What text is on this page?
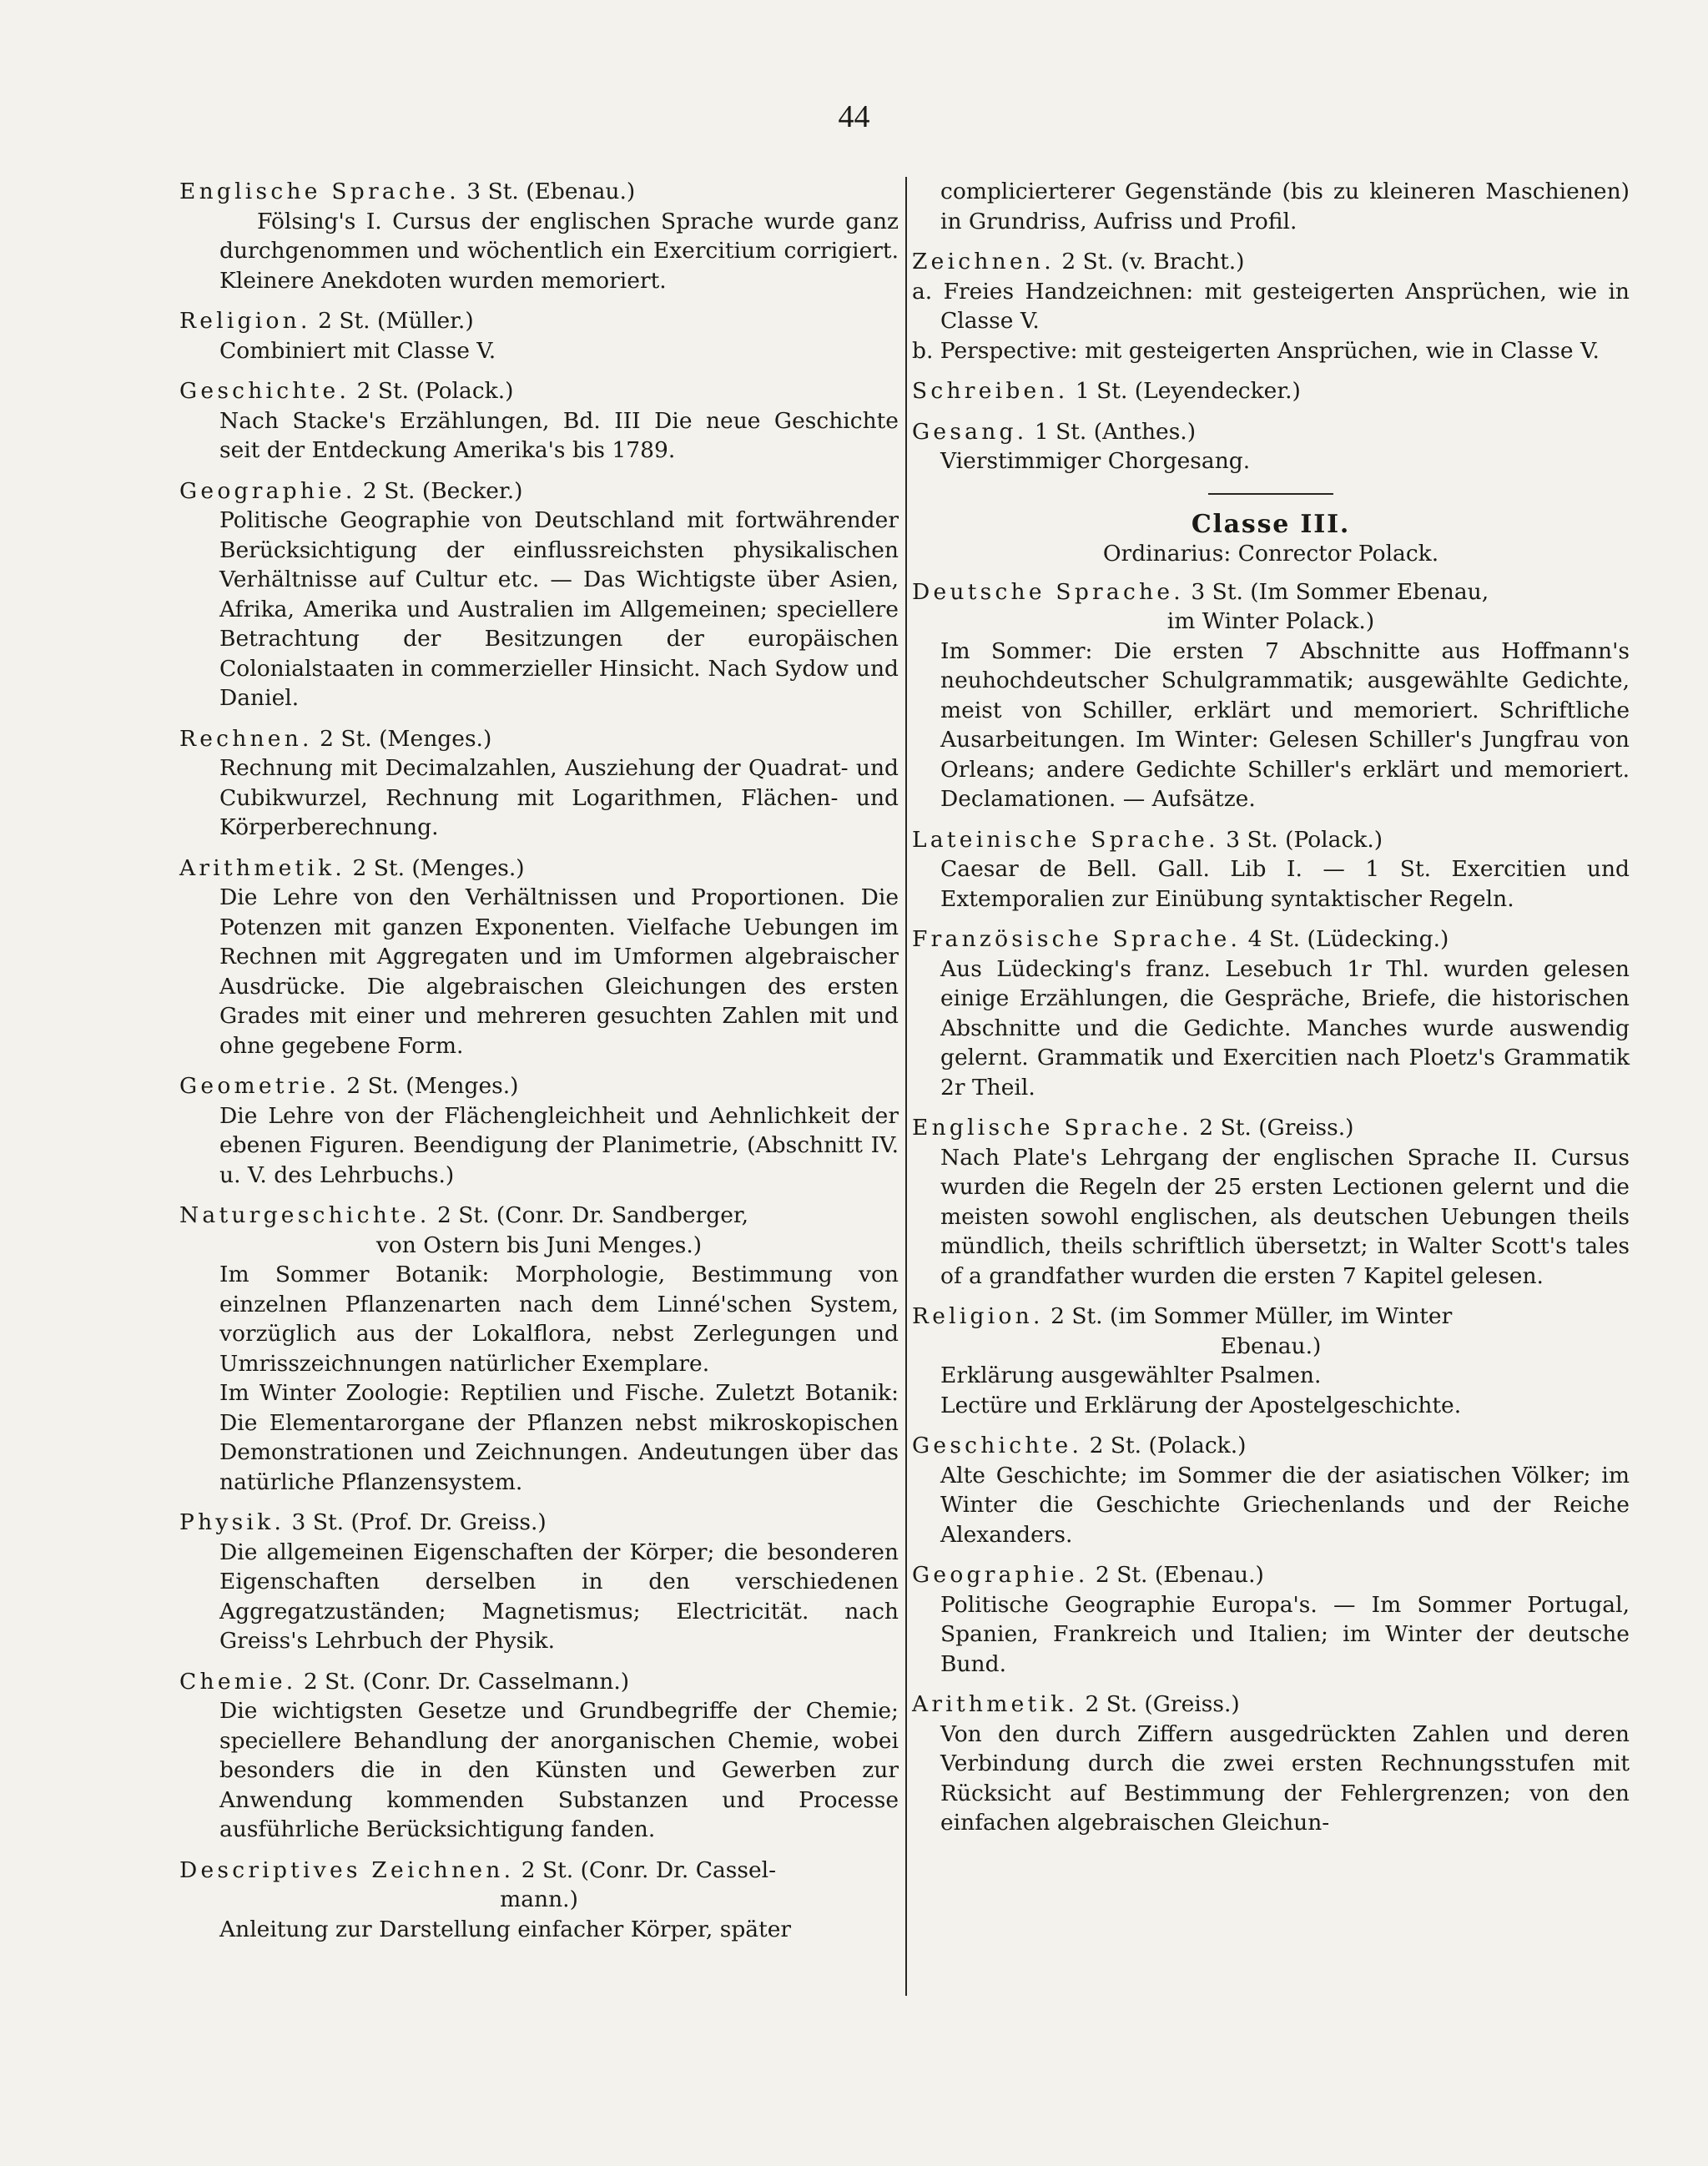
44
Englische Sprache. 3 St. (Ebenau.)
Fölsing's I. Cursus der englischen Sprache wurde ganz durchgenommen und wöchentlich ein Exercitium corrigiert. Kleinere Anekdoten wurden memoriert.
Religion. 2 St. (Müller.)
Combiniert mit Classe V.
Geschichte. 2 St. (Polack.)
Nach Stacke's Erzählungen, Bd. III Die neue Geschichte seit der Entdeckung Amerika's bis 1789.
Geographie. 2 St. (Becker.)
Politische Geographie von Deutschland mit fortwährender Berücksichtigung der einflussreichsten physikalischen Verhältnisse auf Cultur etc. — Das Wichtigste über Asien, Afrika, Amerika und Australien im Allgemeinen; speciellere Betrachtung der Besitzungen der europäischen Colonialstaaten in commerzieller Hinsicht. Nach Sydow und Daniel.
Rechnen. 2 St. (Menges.)
Rechnung mit Decimalzahlen, Ausziehung der Quadrat- und Cubikwurzel, Rechnung mit Logarithmen, Flächen- und Körperberechnung.
Arithmetik. 2 St. (Menges.)
Die Lehre von den Verhältnissen und Proportionen. Die Potenzen mit ganzen Exponenten. Vielfache Uebungen im Rechnen mit Aggregaten und im Umformen algebraischer Ausdrücke. Die algebraischen Gleichungen des ersten Grades mit einer und mehreren gesuchten Zahlen mit und ohne gegebene Form.
Geometrie. 2 St. (Menges.)
Die Lehre von der Flächengleichheit und Aehnlichkeit der ebenen Figuren. Beendigung der Planimetrie, (Abschnitt IV. u. V. des Lehrbuchs.)
Naturgeschichte. 2 St. (Conr. Dr. Sandberger,
von Ostern bis Juni Menges.)
Im Sommer Botanik: Morphologie, Bestimmung von einzelnen Pflanzenarten nach dem Linné'schen System, vorzüglich aus der Lokalflora, nebst Zerlegungen und Umrisszeichnungen natürlicher Exemplare.
Im Winter Zoologie: Reptilien und Fische. Zuletzt Botanik: Die Elementarorgane der Pflanzen nebst mikroskopischen Demonstrationen und Zeichnungen. Andeutungen über das natürliche Pflanzensystem.
Physik. 3 St. (Prof. Dr. Greiss.)
Die allgemeinen Eigenschaften der Körper; die besonderen Eigenschaften derselben in den verschiedenen Aggregatzuständen; Magnetismus; Electricität. nach Greiss's Lehrbuch der Physik.
Chemie. 2 St. (Conr. Dr. Casselmann.)
Die wichtigsten Gesetze und Grundbegriffe der Chemie; speciellere Behandlung der anorganischen Chemie, wobei besonders die in den Künsten und Gewerben zur Anwendung kommenden Substanzen und Processe ausführliche Berücksichtigung fanden.
Descriptives Zeichnen. 2 St. (Conr. Dr. Cassel-
mann.)
Anleitung zur Darstellung einfacher Körper, später
complicierterer Gegenstände (bis zu kleineren Maschienen) in Grundriss, Aufriss und Profil.
Zeichnen. 2 St. (v. Bracht.)
a. Freies Handzeichnen: mit gesteigerten Ansprüchen, wie in Classe V.
b. Perspective: mit gesteigerten Ansprüchen, wie in Classe V.
Schreiben. 1 St. (Leyendecker.)
Gesang. 1 St. (Anthes.)
Vierstimmiger Chorgesang.
Classe III.
Ordinarius: Conrector Polack.
Deutsche Sprache. 3 St. (Im Sommer Ebenau,
im Winter Polack.)
Im Sommer: Die ersten 7 Abschnitte aus Hoffmann's neuhochdeutscher Schulgrammatik; ausgewählte Gedichte, meist von Schiller, erklärt und memoriert. Schriftliche Ausarbeitungen. Im Winter: Gelesen Schiller's Jungfrau von Orleans; andere Gedichte Schiller's erklärt und memoriert. Declamationen. — Aufsätze.
Lateinische Sprache. 3 St. (Polack.)
Caesar de Bell. Gall. Lib I. — 1 St. Exercitien und Extemporalien zur Einübung syntaktischer Regeln.
Französische Sprache. 4 St. (Lüdecking.)
Aus Lüdecking's franz. Lesebuch 1r Thl. wurden gelesen einige Erzählungen, die Gespräche, Briefe, die historischen Abschnitte und die Gedichte. Manches wurde auswendig gelernt. Grammatik und Exercitien nach Ploetz's Grammatik 2r Theil.
Englische Sprache. 2 St. (Greiss.)
Nach Plate's Lehrgang der englischen Sprache II. Cursus wurden die Regeln der 25 ersten Lectionen gelernt und die meisten sowohl englischen, als deutschen Uebungen theils mündlich, theils schriftlich übersetzt; in Walter Scott's tales of a grandfather wurden die ersten 7 Kapitel gelesen.
Religion. 2 St. (im Sommer Müller, im Winter
Ebenau.)
Erklärung ausgewählter Psalmen.
Lectüre und Erklärung der Apostelgeschichte.
Geschichte. 2 St. (Polack.)
Alte Geschichte; im Sommer die der asiatischen Völker; im Winter die Geschichte Griechenlands und der Reiche Alexanders.
Geographie. 2 St. (Ebenau.)
Politische Geographie Europa's. — Im Sommer Portugal, Spanien, Frankreich und Italien; im Winter der deutsche Bund.
Arithmetik. 2 St. (Greiss.)
Von den durch Ziffern ausgedrückten Zahlen und deren Verbindung durch die zwei ersten Rechnungsstufen mit Rücksicht auf Bestimmung der Fehlergrenzen; von den einfachen algebraischen Gleichun-
